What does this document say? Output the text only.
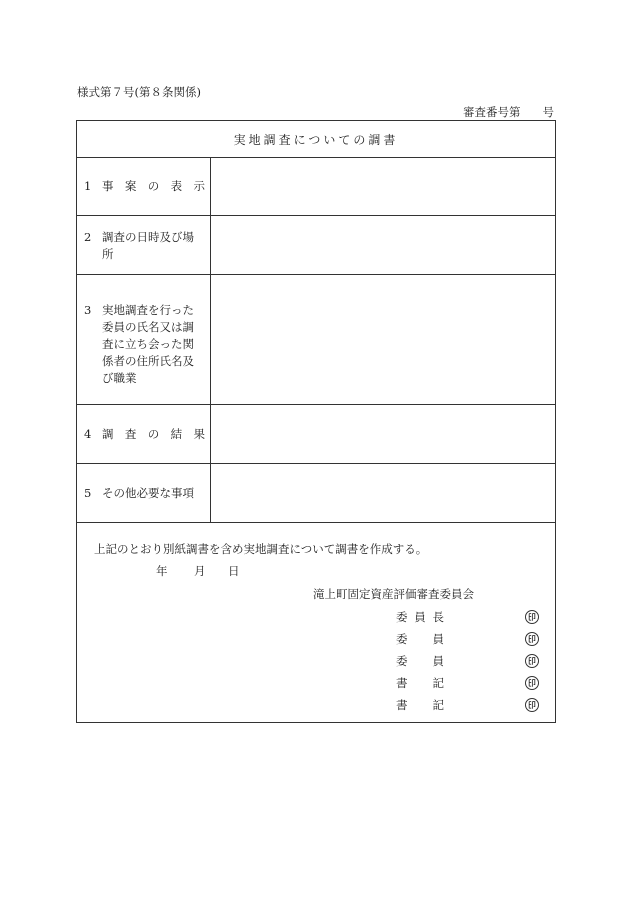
様式第７号(第８条関係)
審査番号第 号
実地調査についての調書
1 事 案 の 表 示
2 調査の日時及び場
所
3 実地調査を行った
委員の氏名又は調
査に立ち会った関
係者の住所氏名及
び職業
4 調 査 の 結 果
5 その他必要な事項
上記のとおり別紙調書を含め実地調査について調書を作成する。
年 月 日
滝上町固定資産評価審査委員会
委 員 長
委 員
委 員
書 記
書 記
